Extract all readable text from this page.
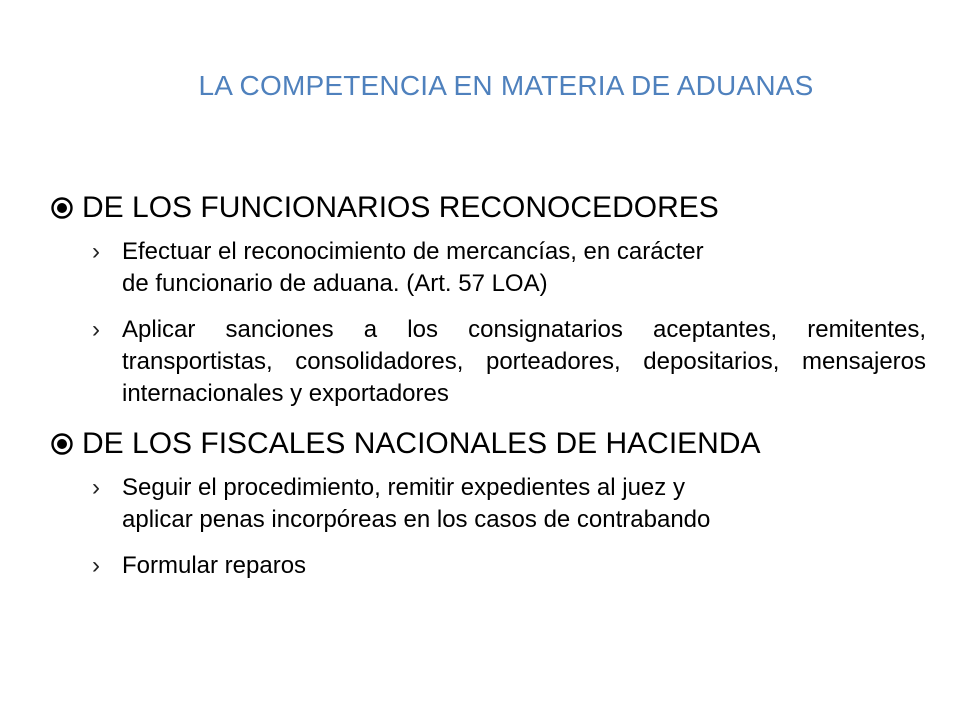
LA COMPETENCIA EN MATERIA DE ADUANAS
DE LOS FUNCIONARIOS RECONOCEDORES
› Efectuar el reconocimiento de mercancías, en carácter
de funcionario de aduana. (Art. 57 LOA)
› Aplicar sanciones a los consignatarios aceptantes, remitentes, transportistas, consolidadores, porteadores, depositarios, mensajeros internacionales y exportadores
DE LOS FISCALES NACIONALES DE HACIENDA
› Seguir el procedimiento, remitir expedientes al juez y
aplicar penas incorpóreas en los casos de contrabando
› Formular reparos
